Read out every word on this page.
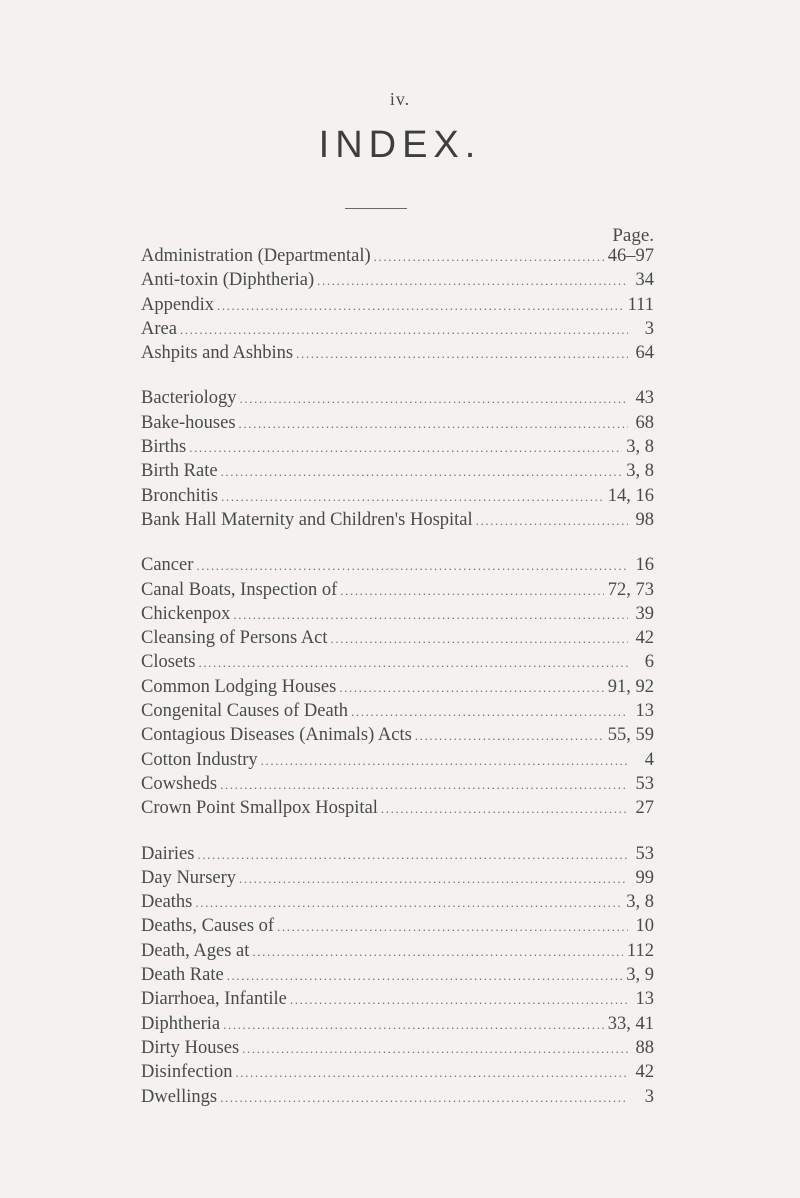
iv.
INDEX.
Page.
Administration (Departmental) .....	46–97
Anti-toxin (Diphtheria) .....	34
Appendix .....	111
Area .....	3
Ashpits and Ashbins .....	64
Bacteriology .....	43
Bake-houses .....	68
Births .....	3, 8
Birth Rate .....	3, 8
Bronchitis .....	14, 16
Bank Hall Maternity and Children's Hospital .....	98
Cancer .....	16
Canal Boats, Inspection of .....	72, 73
Chickenpox .....	39
Cleansing of Persons Act .....	42
Closets .....	6
Common Lodging Houses .....	91, 92
Congenital Causes of Death .....	13
Contagious Diseases (Animals) Acts .....	55, 59
Cotton Industry .....	4
Cowsheds .....	53
Crown Point Smallpox Hospital .....	27
Dairies .....	53
Day Nursery .....	99
Deaths .....	3, 8
Deaths, Causes of .....	10
Death, Ages at .....	112
Death Rate .....	3, 9
Diarrhoea, Infantile .....	13
Diphtheria .....	33, 41
Dirty Houses .....	88
Disinfection .....	42
Dwellings .....	3
